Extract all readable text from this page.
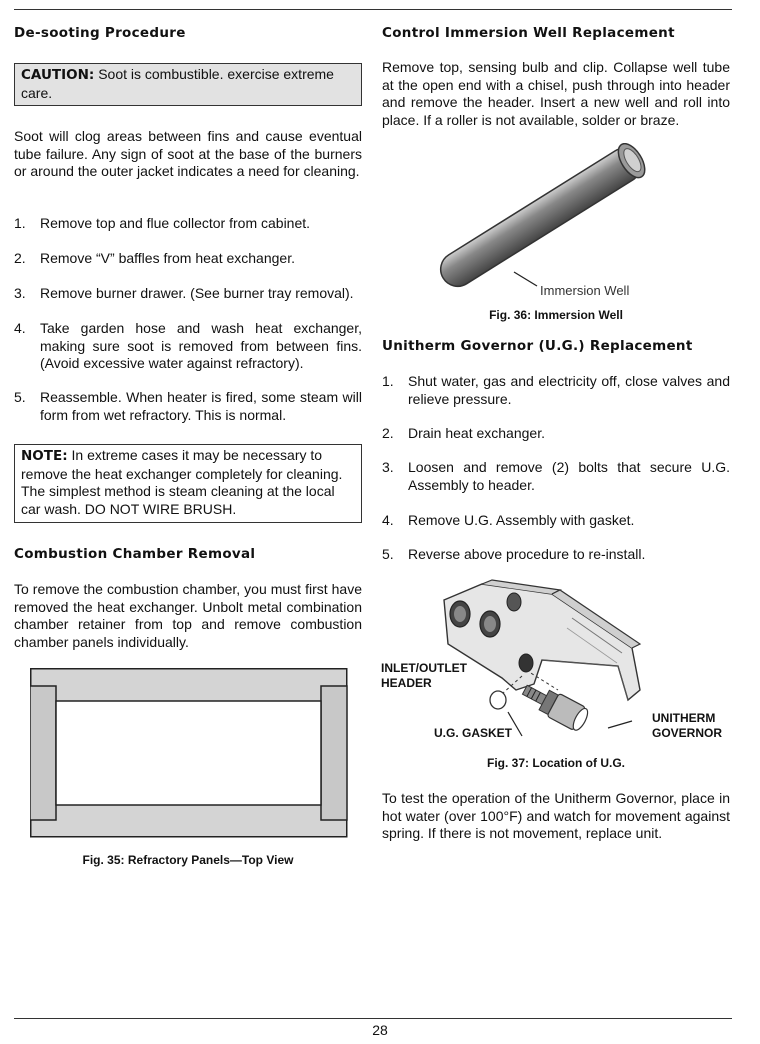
De-sooting Procedure
CAUTION: Soot is combustible. exercise extreme care.

Soot will clog areas between fins and cause eventual tube failure. Any sign of soot at the base of the burners or around the outer jacket indicates a need for cleaning.

1.	Remove top and flue collector from cabinet.
2.	Remove “V” baffles from heat exchanger.
3.	Remove burner drawer. (See burner tray removal).
4.	Take garden hose and wash heat exchanger, making sure soot is removed from between fins. (Avoid excessive water against refractory).
5.	Reassemble. When heater is fired, some steam will form from wet refractory. This is normal.
NOTE: In extreme cases it may be necessary to remove the heat exchanger completely for cleaning. The simplest method is steam cleaning at the local car wash. DO NOT WIRE BRUSH.
Combustion Chamber Removal

To remove the combustion chamber, you must first have removed the heat exchanger. Unbolt metal combination chamber retainer from top and remove combustion chamber panels individually.

Fig. 35: Refractory Panels—Top View
Control Immersion Well Replacement

Remove top, sensing bulb and clip. Collapse well tube at the open end with a chisel, push through into header and remove the header. Insert a new well and roll into place. If a roller is not available, solder or braze.

Immersion Well
Fig. 36: Immersion Well
Unitherm Governor (U.G.) Replacement
1.	Shut water, gas and electricity off, close valves and relieve pressure.
2.	Drain heat exchanger.
3.	Loosen and remove (2) bolts that secure U.G. Assembly to header.
4.	Remove U.G. Assembly with gasket.
5.	Reverse above procedure to re-install.
INLET/OUTLET HEADER
U.G. GASKET
UNITHERM GOVERNOR
Fig. 37: Location of U.G.

To test the operation of the Unitherm Governor, place in hot water (over 100°F) and watch for movement against spring. If there is not movement, replace unit.

28
